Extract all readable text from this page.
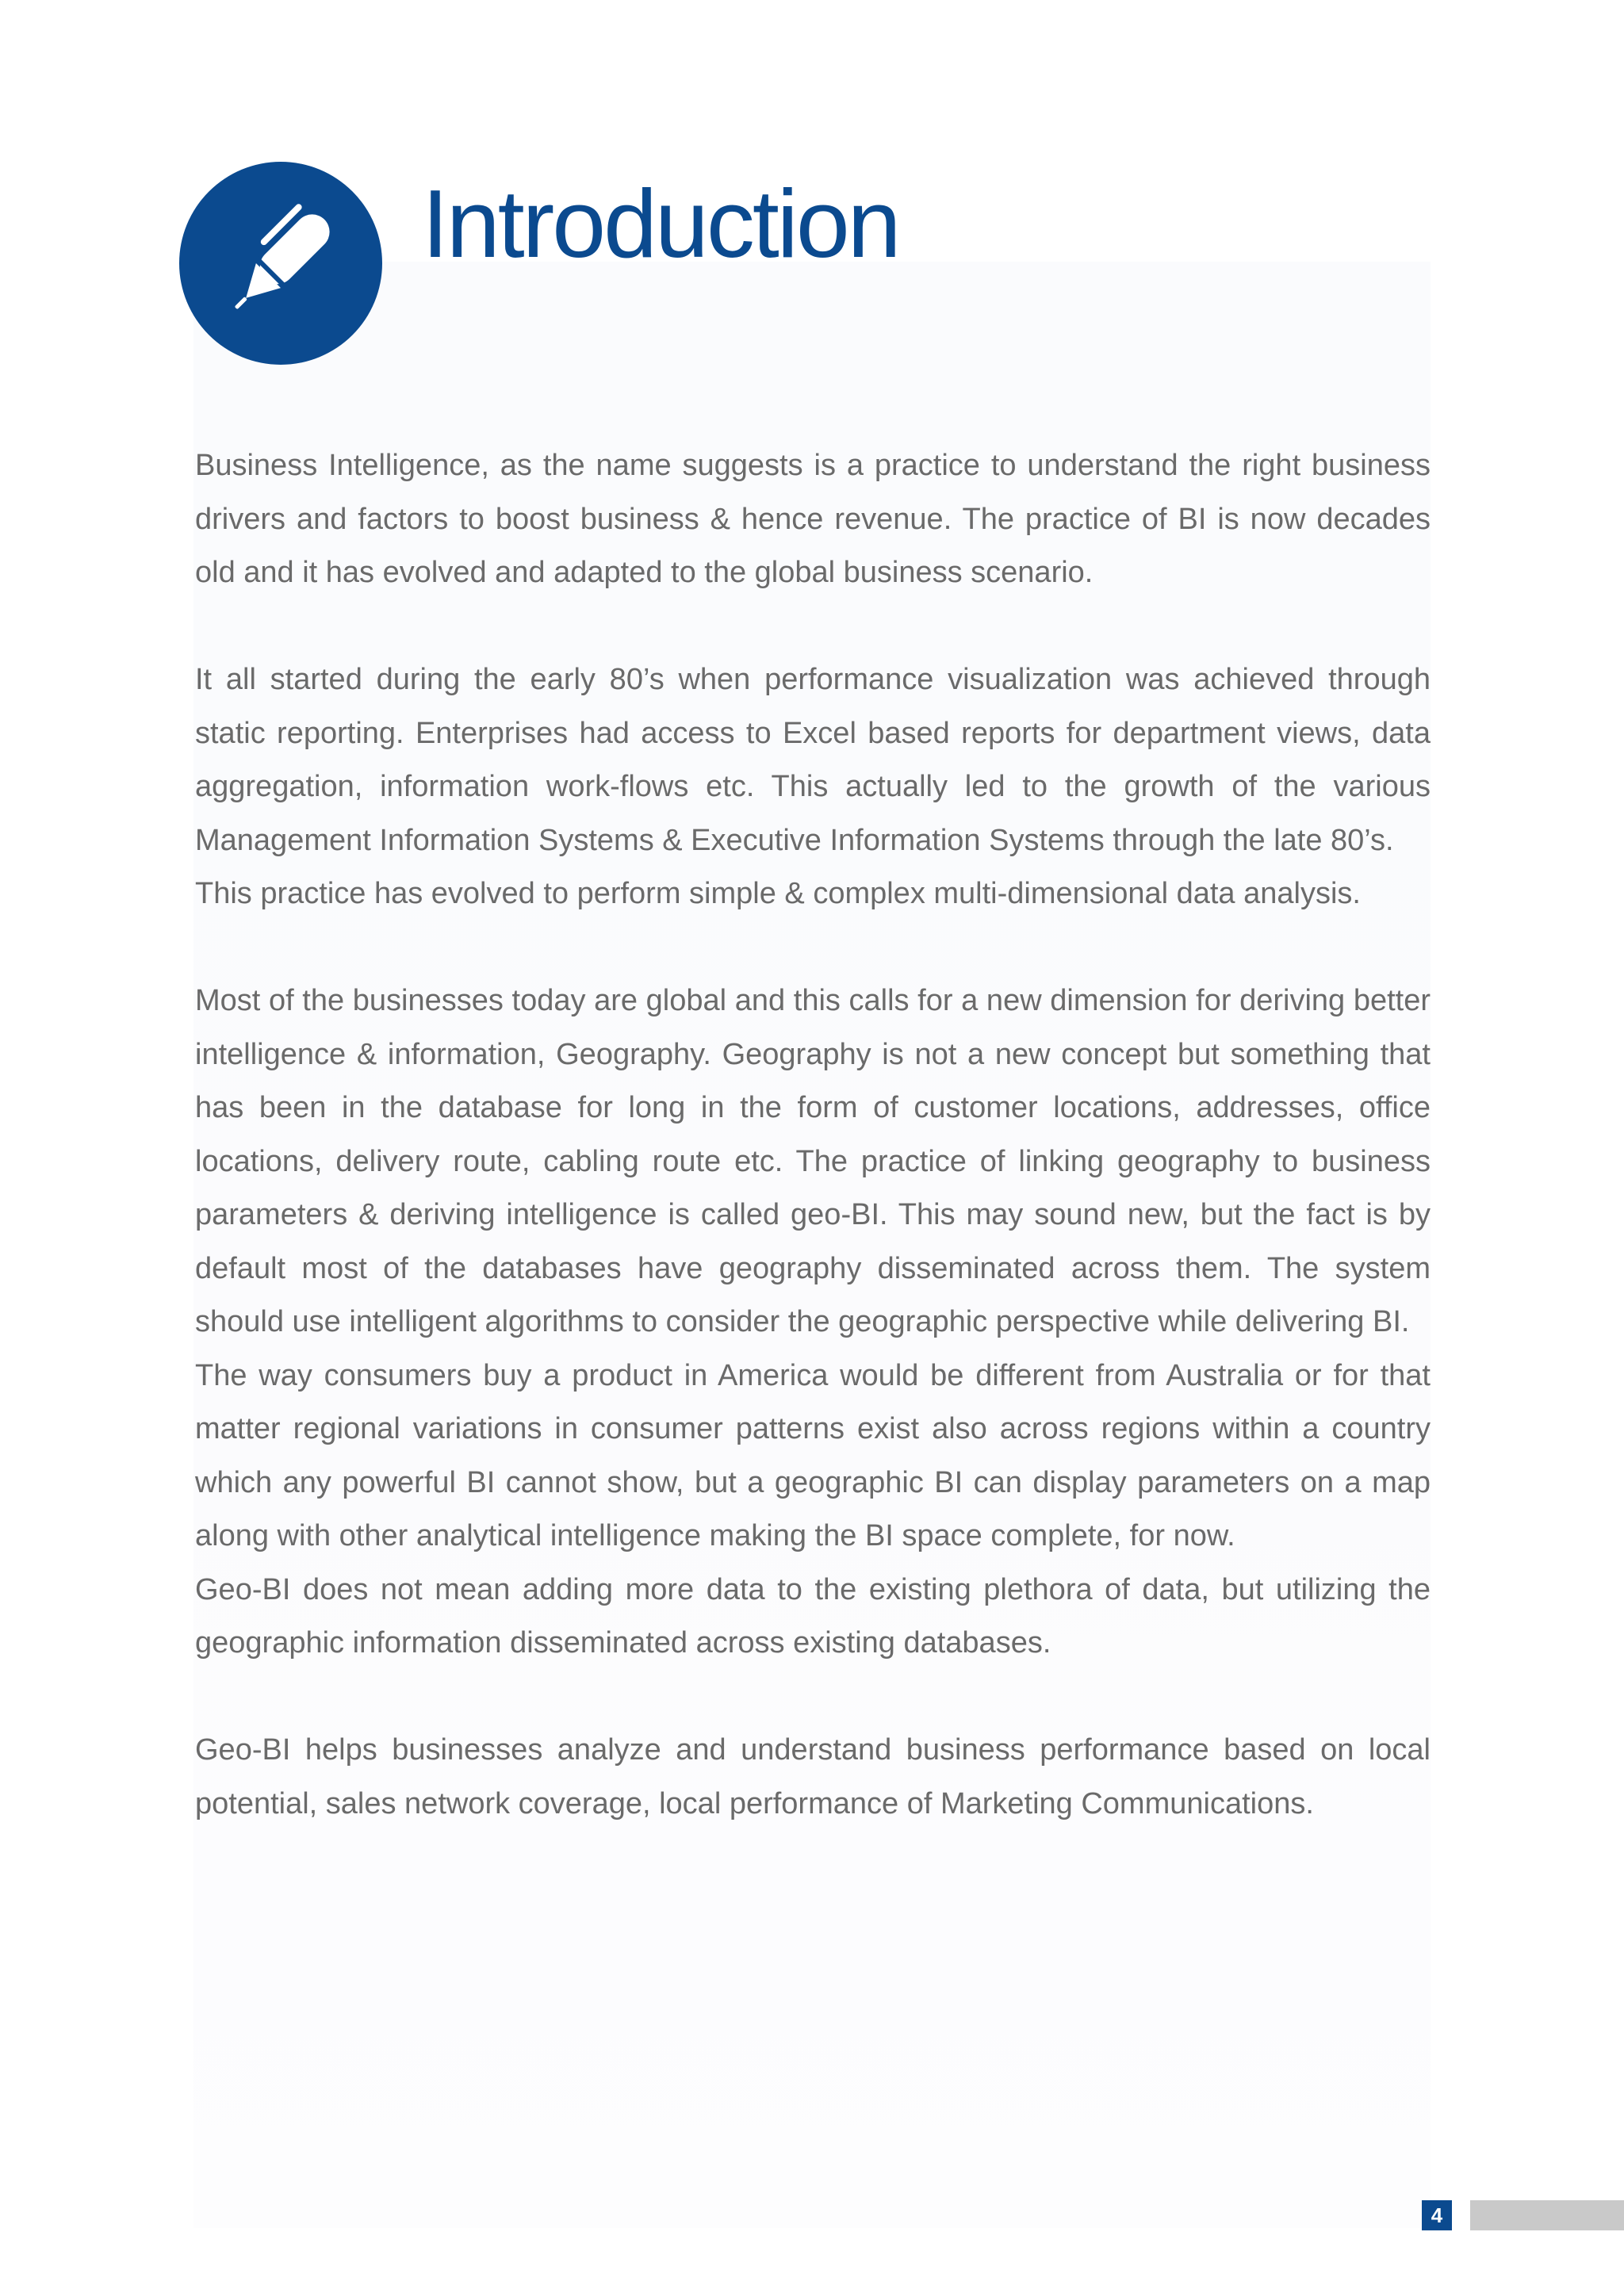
Introduction

Business Intelligence, as the name suggests is a practice to understand the right business drivers and factors to boost business & hence revenue. The practice of BI is now decades old and it has evolved and adapted to the global business scenario.

It all started during the early 80’s when performance visualization was achieved through static reporting. Enterprises had access to Excel based reports for department views, data aggregation, information work-flows etc. This actually led to the growth of the various Management Information Systems & Executive Information Systems through the late 80’s.

This practice has evolved to perform simple & complex multi-dimensional data analysis.

Most of the businesses today are global and this calls for a new dimension for deriving better intelligence & information, Geography. Geography is not a new concept but something that has been in the database for long in the form of customer locations, addresses, office locations, delivery route, cabling route etc. The practice of linking geography to business parameters & deriving intelligence is called geo-BI. This may sound new, but the fact is by default most of the databases have geography disseminated across them. The system should use intelligent algorithms to consider the geographic perspective while delivering BI.

The way consumers buy a product in America would be different from Australia or for that matter regional variations in consumer patterns exist also across regions within a country which any powerful BI cannot show, but a geographic BI can display parameters on a map along with other analytical intelligence making the BI space complete, for now.

Geo-BI does not mean adding more data to the existing plethora of data, but utilizing the geographic information disseminated across existing databases.

Geo-BI helps businesses analyze and understand business performance based on local potential, sales network coverage, local performance of Marketing Communications.

4
